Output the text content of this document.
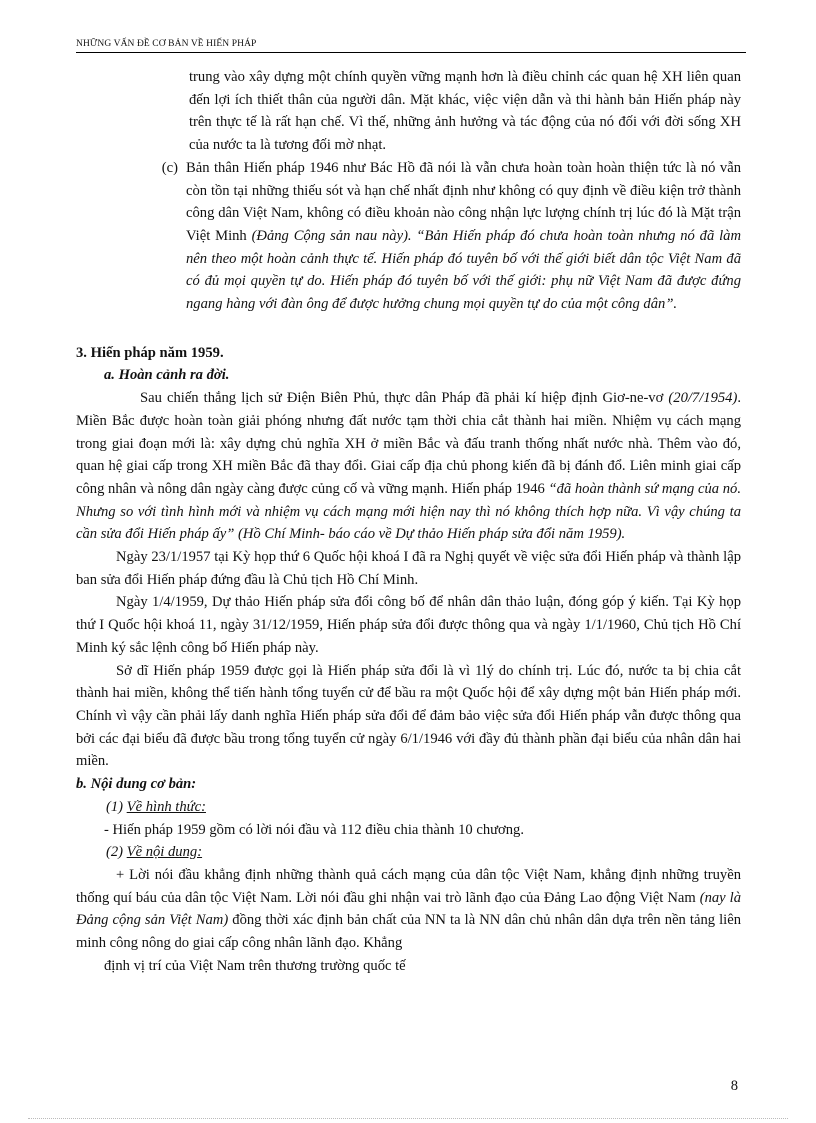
NHỮNG VẤN ĐỀ CƠ BẢN VỀ HIẾN PHÁP

trung vào xây dựng một chính quyền vững mạnh hơn là điều chỉnh các quan hệ XH liên quan đến lợi ích thiết thân của người dân. Mặt khác, việc viện dẫn và thi hành bản Hiến pháp này trên thực tế là rất hạn chế. Vì thế, những ảnh hưởng và tác động của nó đối với đời sống XH của nước ta là tương đối mờ nhạt.

(c) Bản thân Hiến pháp 1946 như Bác Hồ đã nói là vẫn chưa hoàn toàn hoàn thiện tức là nó vẫn còn tồn tại những thiếu sót và hạn chế nhất định như không có quy định về điều kiện trở thành công dân Việt Nam, không có điều khoản nào công nhận lực lượng chính trị lúc đó là Mặt trận Việt Minh (Đảng Cộng sản nau này). “Bản Hiến pháp đó chưa hoàn toàn nhưng nó đã làm nên theo một hoàn cảnh thực tế. Hiến pháp đó tuyên bố với thế giới biết dân tộc Việt Nam đã có đủ mọi quyền tự do. Hiến pháp đó tuyên bố với thế giới: phụ nữ Việt Nam đã được đứng ngang hàng với đàn ông để được hưởng chung mọi quyền tự do của một công dân”.

3. Hiến pháp năm 1959.

a. Hoàn cảnh ra đời.

Sau chiến thắng lịch sử Điện Biên Phủ, thực dân Pháp đã phải kí hiệp định Giơ-ne-vơ (20/7/1954). Miền Bắc được hoàn toàn giải phóng nhưng đất nước tạm thời chia cắt thành hai miền. Nhiệm vụ cách mạng trong giai đoạn mới là: xây dựng chủ nghĩa XH ở miền Bắc và đấu tranh thống nhất nước nhà. Thêm vào đó, quan hệ giai cấp trong XH miền Bắc đã thay đổi. Giai cấp địa chủ phong kiến đã bị đánh đổ. Liên minh giai cấp công nhân và nông dân ngày càng được củng cố và vững mạnh. Hiến pháp 1946 “đã hoàn thành sứ mạng của nó. Nhưng so với tình hình mới và nhiệm vụ cách mạng mới hiện nay thì nó không thích hợp nữa. Vì vậy chúng ta cần sửa đổi Hiến pháp ấy” (Hồ Chí Minh- báo cáo về Dự thảo Hiến pháp sửa đổi năm 1959).

Ngày 23/1/1957 tại Kỳ họp thứ 6 Quốc hội khoá I đã ra Nghị quyết về việc sửa đổi Hiến pháp và thành lập ban sửa đổi Hiến pháp đứng đầu là Chủ tịch Hồ Chí Minh.

Ngày 1/4/1959, Dự thảo Hiến pháp sửa đổi công bố để nhân dân thảo luận, đóng góp ý kiến. Tại Kỳ họp thứ I Quốc hội khoá 11, ngày 31/12/1959, Hiến pháp sửa đổi được thông qua và ngày 1/1/1960, Chủ tịch Hồ Chí Minh ký sắc lệnh công bố Hiến pháp này.

Sở dĩ Hiến pháp 1959 được gọi là Hiến pháp sửa đổi là vì 1lý do chính trị. Lúc đó, nước ta bị chia cắt thành hai miền, không thể tiến hành tổng tuyển cử để bầu ra một Quốc hội để xây dựng một bản Hiến pháp mới. Chính vì vậy cần phải lấy danh nghĩa Hiến pháp sửa đổi để đảm bảo việc sửa đổi Hiến pháp vẫn được thông qua bởi các đại biểu đã được bầu trong tổng tuyển cử ngày 6/1/1946 với đầy đủ thành phần đại biểu của nhân dân hai miền.

b. Nội dung cơ bản:

(1) Về hình thức:

- Hiến pháp 1959 gồm có lời nói đầu và 112 điều chia thành 10 chương.

(2) Về nội dung:

+ Lời nói đầu khẳng định những thành quả cách mạng của dân tộc Việt Nam, khẳng định những truyền thống quí báu của dân tộc Việt Nam. Lời nói đầu ghi nhận vai trò lãnh đạo của Đảng Lao động Việt Nam (nay là Đảng cộng sản Việt Nam) đồng thời xác định bản chất của NN ta là NN dân chủ nhân dân dựa trên nền tảng liên minh công nông do giai cấp công nhân lãnh đạo. Khẳng

định vị trí của Việt Nam trên thương trường quốc tế

8
